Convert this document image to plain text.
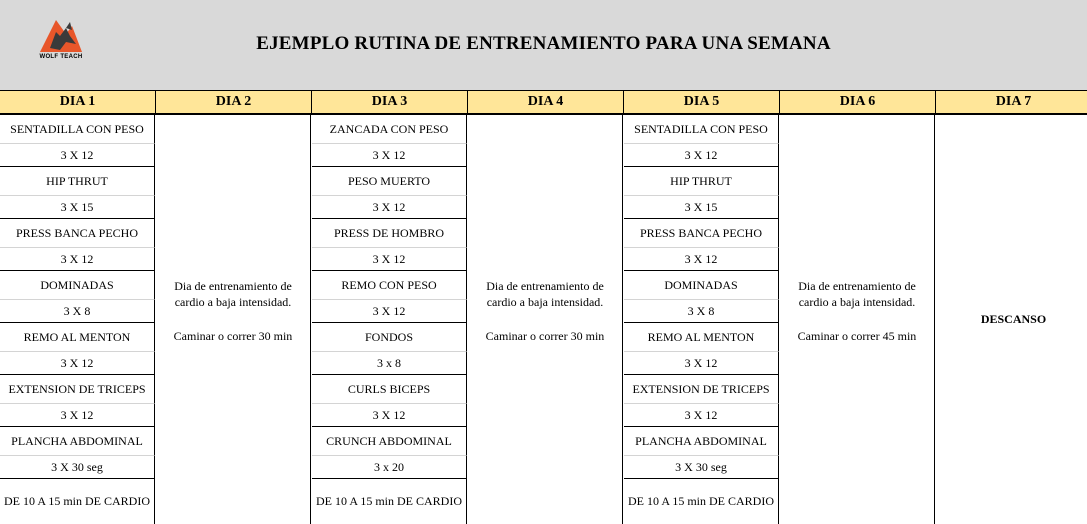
WOLF TEACH
EJEMPLO RUTINA DE ENTRENAMIENTO PARA UNA SEMANA
DIA 1
SENTADILLA CON PESO
3 X 12
HIP THRUT
3 X 15
PRESS BANCA PECHO
3 X 12
DOMINADAS
3 X 8
REMO AL MENTON
3 X 12
EXTENSION DE TRICEPS
3 X 12
PLANCHA ABDOMINAL
3 X 30 seg
DE 10 A 15 min DE CARDIO
DIA 2
Dia de entrenamiento de
cardio a baja intensidad.
Caminar o correr 30 min
DIA 3
ZANCADA CON PESO
3 X 12
PESO MUERTO
3 X 12
PRESS DE HOMBRO
3 X 12
REMO CON PESO
3 X 12
FONDOS
3 x 8
CURLS BICEPS
3 X 12
CRUNCH ABDOMINAL
3 x 20
DE 10 A 15 min DE CARDIO
DIA 4
Dia de entrenamiento de
cardio a baja intensidad.
Caminar o correr 30 min
DIA 5
SENTADILLA CON PESO
3 X 12
HIP THRUT
3 X 15
PRESS BANCA PECHO
3 X 12
DOMINADAS
3 X 8
REMO AL MENTON
3 X 12
EXTENSION DE TRICEPS
3 X 12
PLANCHA ABDOMINAL
3 X 30 seg
DE 10 A 15 min DE CARDIO
DIA 6
Dia de entrenamiento de
cardio a baja intensidad.
Caminar o correr 45 min
DIA 7
DESCANSO
